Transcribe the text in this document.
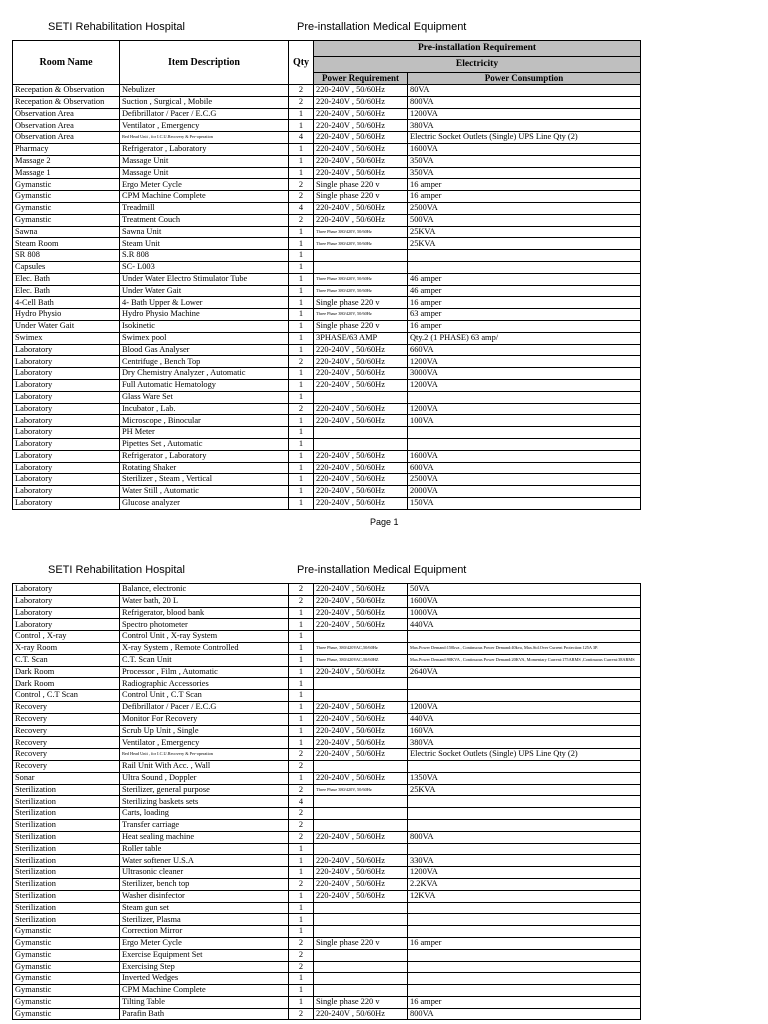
SETI Rehabilitation Hospital	Pre-installation Medical Equipment
Room Name	Item Description	Qty	Pre-installation Requirement	
			Electricity	
			Power Requirement	Power Consumption
Recepation & Observation	Nebulizer	2	220-240V , 50/60Hz	80VA
Recepation & Observation	Suction , Surgical , Mobile	2	220-240V , 50/60Hz	800VA
Observation Area	Defibrillator / Pacer / E.C.G	1	220-240V , 50/60Hz	1200VA
Observation Area	Ventilator , Emergency	1	220-240V , 50/60Hz	380VA
Observation Area	Bed Head Unit , for I.C.U.Recovery & Per-operation	4	220-240V , 50/60Hz	Electric Socket Outlets (Single) UPS Line Qty (2)
Pharmacy	Refrigerator , Laboratory	1	220-240V , 50/60Hz	1600VA
Massage 2	Massage Unit	1	220-240V , 50/60Hz	350VA
Massage 1	Massage Unit	1	220-240V , 50/60Hz	350VA
Gymanstic	Ergo Meter Cycle	2	Single phase 220 v	16 amper
Gymanstic	CPM Machine Complete	2	Single phase 220 v	16 amper
Gymanstic	Treadmill	4	220-240V , 50/60Hz	2500VA
Gymanstic	Treatment Couch	2	220-240V , 50/60Hz	500VA
Sawna	Sawna Unit	1	Three Phase 380/420V, 50/60Hz	25KVA
Steam Room	Steam Unit	1	Three Phase 380/420V, 50/60Hz	25KVA
SR 808	S.R 808	1		
Capsules	SC- L003	1		
Elec. Bath	Under Water Electro Stimulator Tube	1	Three Phase 380/420V, 50/60Hz	46 amper
Elec. Bath	Under Water Gait	1	Three Phase 380/420V, 50/60Hz	46 amper
4-Cell Bath	4- Bath Upper & Lower	1	Single phase 220 v	16 amper
Hydro Physio	Hydro Physio Machine	1	Three Phase 380/420V, 50/60Hz	63 amper
Under Water Gait	Isokinetic	1	Single phase 220 v	16 amper
Swimex	Swimex pool	1	3PHASE/63 AMP	Qty.2 (1 PHASE) 63 amp/
Laboratory	Blood Gas Analyser	1	220-240V , 50/60Hz	660VA
Laboratory	Centrifuge , Bench Top	2	220-240V , 50/60Hz	1200VA
Laboratory	Dry Chemistry Analyzer , Automatic	1	220-240V , 50/60Hz	3000VA
Laboratory	Full Automatic Hematology	1	220-240V , 50/60Hz	1200VA
Laboratory	Glass Ware Set	1		
Laboratory	Incubator , Lab.	2	220-240V , 50/60Hz	1200VA
Laboratory	Microscope , Binocular	1	220-240V , 50/60Hz	100VA
Laboratory	PH Meter	1		
Laboratory	Pipettes Set , Automatic	1		
Laboratory	Refrigerator , Laboratory	1	220-240V , 50/60Hz	1600VA
Laboratory	Rotating Shaker	1	220-240V , 50/60Hz	600VA
Laboratory	Sterilizer , Steam , Vertical	1	220-240V , 50/60Hz	2500VA
Laboratory	Water Still , Automatic	1	220-240V , 50/60Hz	2000VA
Laboratory	Glucose analyzer	1	220-240V , 50/60Hz	150VA
Page 1
SETI Rehabilitation Hospital	Pre-installation Medical Equipment
Laboratory	Balance, electronic	2	220-240V , 50/60Hz	50VA
Laboratory	Water bath, 20 L	2	220-240V , 50/60Hz	1600VA
Laboratory	Refrigerator, blood bank	1	220-240V , 50/60Hz	1000VA
Laboratory	Spectro photometer	1	220-240V , 50/60Hz	440VA
Control , X-ray	Control Unit , X-ray System	1		
X-ray Room	X-ray System , Remote Controlled	1	Three Phase, 380/420VAC,50/60Hz	Max.Power Demand:150kva , Continuous Power Demand:40kva, Max.Std.Over Current Protection:125A 3P.
C.T. Scan	C.T. Scan Unit	1	Three Phase, 380/420VAC,50/60HZ	Max.Power Demand:90KVA , Continuous Power Demand:20KVA, Momentary Current:175ARMS ,Continuous Current:38ARMS
Dark Room	Processor , Film , Automatic	1	220-240V , 50/60Hz	2640VA
Dark Room	Radiographic Accessories	1		
Control , C.T Scan	Control Unit , C.T Scan	1		
Recovery	Defibrillator / Pacer / E.C.G	1	220-240V , 50/60Hz	1200VA
Recovery	Monitor For Recovery	1	220-240V , 50/60Hz	440VA
Recovery	Scrub Up Unit , Single	1	220-240V , 50/60Hz	160VA
Recovery	Ventilator , Emergency	1	220-240V , 50/60Hz	380VA
Recovery	Bed Head Unit , for I.C.U.Recovery & Per-operation	2	220-240V , 50/60Hz	Electric Socket Outlets (Single) UPS Line Qty (2)
Recovery	Rail Unit With Acc. , Wall	2		
Sonar	Ultra Sound , Doppler	1	220-240V , 50/60Hz	1350VA
Sterilization	Sterilizer, general purpose	2	Three Phase 380/420V, 50/60Hz	25KVA
Sterilization	Sterilizing baskets sets	4		
Sterilization	Carts, loading	2		
Sterilization	Transfer carriage	2		
Sterilization	Heat sealing machine	2	220-240V , 50/60Hz	800VA
Sterilization	Roller table	1		
Sterilization	Water softener U.S.A	1	220-240V , 50/60Hz	330VA
Sterilization	Ultrasonic cleaner	1	220-240V , 50/60Hz	1200VA
Sterilization	Sterilizer, bench top	2	220-240V , 50/60Hz	2.2KVA
Sterilization	Washer disinfector	1	220-240V , 50/60Hz	12KVA
Sterilization	Steam gun set	1		
Sterilization	Sterilizer, Plasma	1		
Gymanstic	Correction Mirror	1		
Gymanstic	Ergo Meter Cycle	2	Single phase 220 v	16 amper
Gymanstic	Exercise Equipment Set	2		
Gymanstic	Exercising Step	2		
Gymanstic	Inverted Wedges	1		
Gymanstic	CPM Machine Complete	1		
Gymanstic	Tilting Table	1	Single phase 220 v	16 amper
Gymanstic	Parafin Bath	2	220-240V , 50/60Hz	800VA
